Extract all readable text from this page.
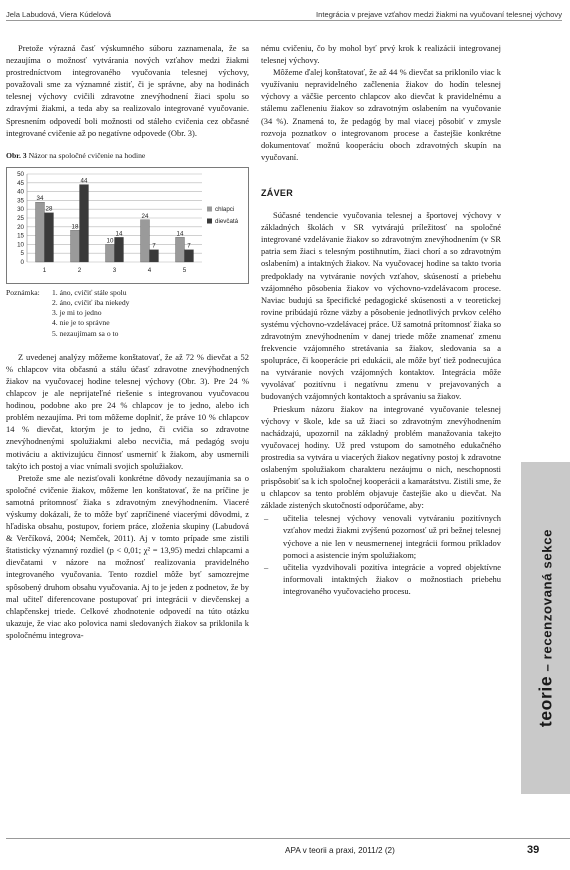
Jela Labudová, Viera Kúdelová	Integrácia v prejave vzťahov medzi žiakmi na vyučovaní telesnej výchovy

Pretože výrazná časť výskumného súboru zaznamenala, že sa nezaujíma o možnosť vytvárania nových vzťahov medzi žiakmi prostredníctvom integrovaného vyučovania telesnej výchovy, považovali sme za významné zistiť, či je správne, aby na hodinách telesnej výchovy cvičili zdravotne znevýhodnení žiaci spolu so zdravými žiakmi, a teda aby sa realizovalo integrované vyučovanie. Spresnením odpovedí boli možnosti od stáleho cvičenia cez občasné integrované cvičenie až po negatívne odpovede (Obr. 3).

Obr. 3 Názor na spoločné cvičenie na hodine
0
5
10
15
20
25
30
35
40
45
50
1
34
28
2
18
44
3
10
14
4
24
7
5
14
7
chlapci
dievčatá
Poznámka:	1. áno, cvičiť stále spolu
2. áno, cvičiť iba niekedy
3. je mi to jedno
4. nie je to správne
5. nezaujímam sa o to

Z uvedenej analýzy môžeme konštatovať, že až 72 % dievčat a 52 % chlapcov vita občasnú a stálu účasť zdravotne znevýhodnených žiakov na vyučovacej hodine telesnej výchovy (Obr. 3). Pre 24 % chlapcov je ale neprijateľné riešenie s integrovanou vyučovacou hodinou, podobne ako pre 24 % chlapcov je to jedno, alebo ich problém nezaujíma. Pri tom môžeme doplniť, že práve 10 % chlapcov 14 % dievčat, ktorým je to jedno, či cvičia so zdravotne znevýhodnenými spolužiakmi alebo necvičia, má pedagóg svoju motiváciu a aktivizujúcu činnosť usmerniť k žiakom, aby usmernili takýto ich postoj a viac vnímali svojich spolužiakov.

Pretože sme ale nezisťovali konkrétne dôvody nezaujímania sa o spoločné cvičenie žiakov, môžeme len konštatovať, že na príčine je samotná prítomnosť žiaka s zdravotným znevýhodnením. Viaceré výskumy dokázali, že to môže byť zapríčinené viacerými dôvodmi, z hľadiska obsahu, postupov, foriem práce, zloženia skupiny (Labudová & Verčíková, 2004; Nemček, 2011). Aj v tomto prípade sme zistili štatisticky významný rozdiel (p < 0,01; χ² = 13,95) medzi chlapcami a dievčatami v názore na možnosť realizovania pravidelného integrovaného vyučovania. Tento rozdiel môže byť samozrejme spôsobený druhom obsahu vyučovania. Aj to je jeden z podnetov, že by mal učiteľ diferencovane postupovať pri integrácii v dievčenskej a chlapčenskej triede. Celkové zhodnotenie odpovedí na túto otázku ukazuje, že viac ako polovica nami sledovaných žiakov sa priklonila k spoločnému integrova-

nému cvičeniu, čo by mohol byť prvý krok k realizácii integrovanej telesnej výchovy.

Môžeme ďalej konštatovať, že až 44 % dievčat sa priklonilo viac k využívaniu nepravidelného začlenenia žiakov do hodín telesnej výchovy a väčšie percento chlapcov ako dievčat k pravidelnému a stálemu začleneniu žiakov so zdravotným oslabením na vyučovanie (34 %). Znamená to, že pedagóg by mal viacej pôsobiť v zmysle rozvoja poznatkov o integrovanom procese a častejšie konkrétne dokumentovať možnú kooperáciu oboch zdravotných skupín na vyučovaní.

ZÁVER

Súčasné tendencie vyučovania telesnej a športovej výchovy v základných školách v SR vytvárajú príležitosť na spoločné integrované vzdelávanie žiakov so zdravotným znevýhodnením (v SR patria sem žiaci s telesným postihnutím, žiaci chorí a so zdravotným oslabením) a intaktných žiakov. Na vyučovacej hodine sa takto tvoria predpoklady na vytváranie nových vzťahov, skúseností a priebehu vzájomného pôsobenia žiakov vo výchovno-vzdelávacom procese. Naviac budujú sa špecifické pedagogické skúsenosti a v teoretickej rovine pribúdajú rôzne väzby a pôsobenie jednotlivých prvkov celého systému výchovno-vzdelávacej práce. Už samotná prítomnosť žiaka so zdravotným znevýhodnením v danej triede môže znamenať zmenu frekvencie vzájomného stretávania sa žiakov, sledovania sa a spolupráce, či kooperácie pri edukácii, ale môže byť tiež podnecujúca na vytváranie nových vzájomných kontaktov. Integrácia môže vyvolávať pozitívnu i negatívnu zmenu v prejavovaných a budovaných vzájomných kontaktoch a správaniu sa žiakov.

Prieskum názoru žiakov na integrované vyučovanie telesnej výchovy v škole, kde sa už žiaci so zdravotným znevýhodnením nachádzajú, upozornil na základný problém manažovania takejto vyučovacej hodiny. Už pred vstupom do samotného edukačného prostredia sa vytvára u viacerých žiakov negatívny postoj k zdravotne oslabeným spolužiakom charakteru nezáujmu o nich, neschopnosti prispôsobiť sa k ich spoločnej kooperácii a kamarátstvu. Zistili sme, že u chlapcov sa tento problém objavuje častejšie ako u dievčat. Na základe zistených skutočností odporúčame, aby:

– učitelia telesnej výchovy venovali vytváraniu pozitívnych vzťahov medzi žiakmi zvýšenú pozornosť už pri bežnej telesnej výchove a nie len v neusmernenej integrácii formou príkladov pomoci a asistencie iným spolužiakom;
– učitelia vyzdvihovali pozitíva integrácie a vopred objektívne informovali intaktných žiakov o možnostiach priebehu integrovaného vyučovacieho procesu.
teorie – recenzovaná sekce
APA v teorii a praxi, 2011/2 (2)	39
